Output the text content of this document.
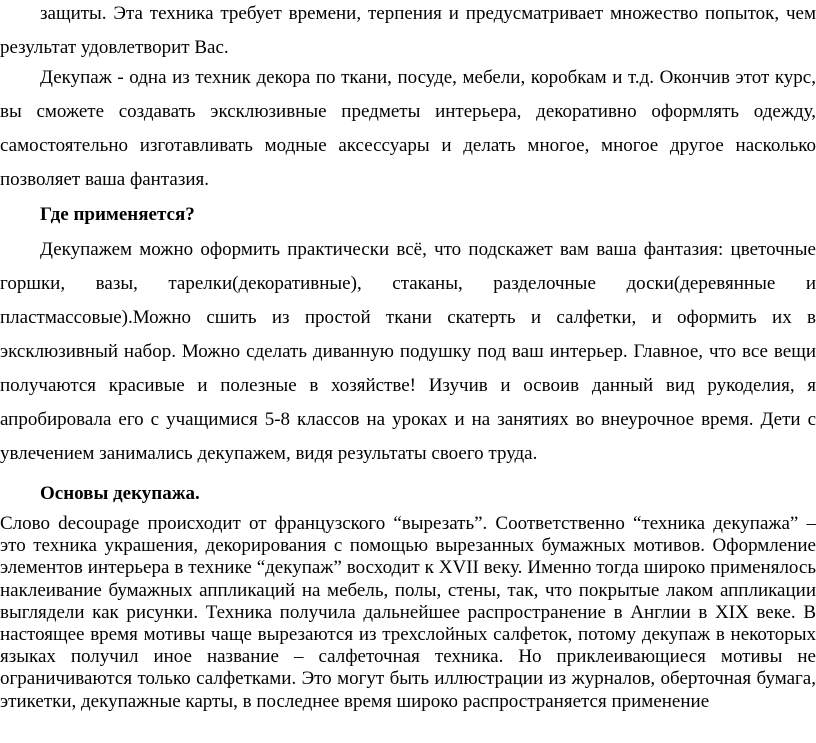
защиты. Эта техника требует времени, терпения и предусматривает множество попыток, чем результат удовлетворит Вас.

Декупаж - одна из техник декора по ткани, посуде, мебели, коробкам и т.д. Окончив этот курс, вы сможете создавать эксклюзивные предметы интерьера, декоративно оформлять одежду, самостоятельно изготавливать модные аксессуары и делать многое, многое другое насколько позволяет ваша фантазия.

Где применяется?

Декупажем можно оформить практически всё, что подскажет вам ваша фантазия: цветочные горшки, вазы, тарелки(декоративные), стаканы, разделочные доски(деревянные и пластмассовые).Можно сшить из простой ткани скатерть и салфетки, и оформить их в эксклюзивный набор. Можно сделать диванную подушку под ваш интерьер. Главное, что все вещи получаются красивые и полезные в хозяйстве! Изучив и освоив данный вид рукоделия, я апробировала его с учащимися 5-8 классов на уроках и на занятиях во внеурочное время. Дети с увлечением занимались декупажем, видя результаты своего труда.

Основы декупажа.

Слово decoupage происходит от французского “вырезать”. Соответственно “техника декупажа” – это техника украшения, декорирования с помощью вырезанных бумажных мотивов. Оформление элементов интерьера в технике “декупаж” восходит к XVII веку. Именно тогда широко применялось наклеивание бумажных аппликаций на мебель, полы, стены, так, что покрытые лаком аппликации выглядели как рисунки. Техника получила дальнейшее распространение в Англии в XIX веке. В настоящее время мотивы чаще вырезаются из трехслойных салфеток, потому декупаж в некоторых языках получил иное название – салфеточная техника. Но приклеивающиеся мотивы не ограничиваются только салфетками. Это могут быть иллюстрации из журналов, оберточная бумага, этикетки, декупажные карты, в последнее время широко распространяется применение
